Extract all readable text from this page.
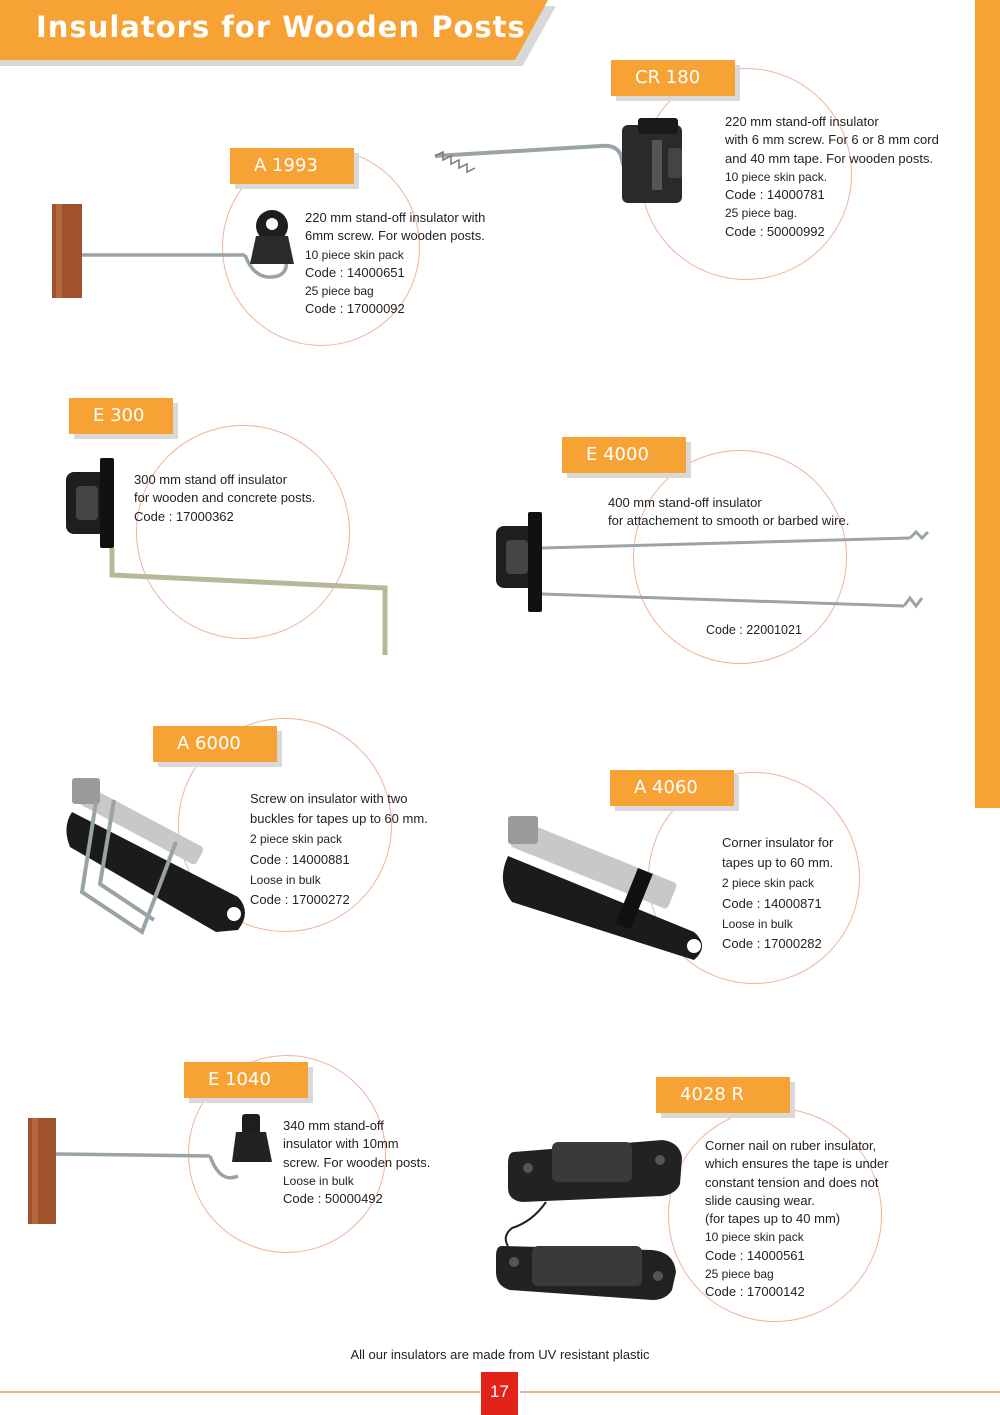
Insulators for Wooden Posts
CR 180
220 mm stand-off insulator
with 6 mm screw. For 6 or 8 mm cord
and 40 mm tape. For wooden posts.
10 piece skin pack.
Code : 14000781
25 piece bag.
Code : 50000992
A 1993
220 mm stand-off insulator with
6mm screw. For wooden posts.
10 piece skin pack
Code : 14000651
25 piece bag
Code : 17000092
E 300
300 mm stand off insulator
for wooden and concrete posts.
Code : 17000362
E 4000
400 mm stand-off insulator
for attachement to smooth or barbed wire.
Code : 22001021
A 6000
Screw on insulator with two
buckles for tapes up to 60 mm.
2 piece skin pack
Code : 14000881
Loose in bulk
Code : 17000272
A 4060
Corner insulator for
tapes up to 60 mm.
2 piece skin pack
Code : 14000871
Loose in bulk
Code : 17000282
E 1040
340 mm stand-off
insulator with 10mm
screw. For wooden posts.
Loose in bulk
Code : 50000492
4028 R
Corner nail on ruber insulator,
which ensures the tape is under
constant tension and does not
slide causing wear.
(for tapes up to 40 mm)
10 piece skin pack
Code : 14000561
25 piece bag
Code : 17000142
All our insulators are made from UV resistant plastic
17
